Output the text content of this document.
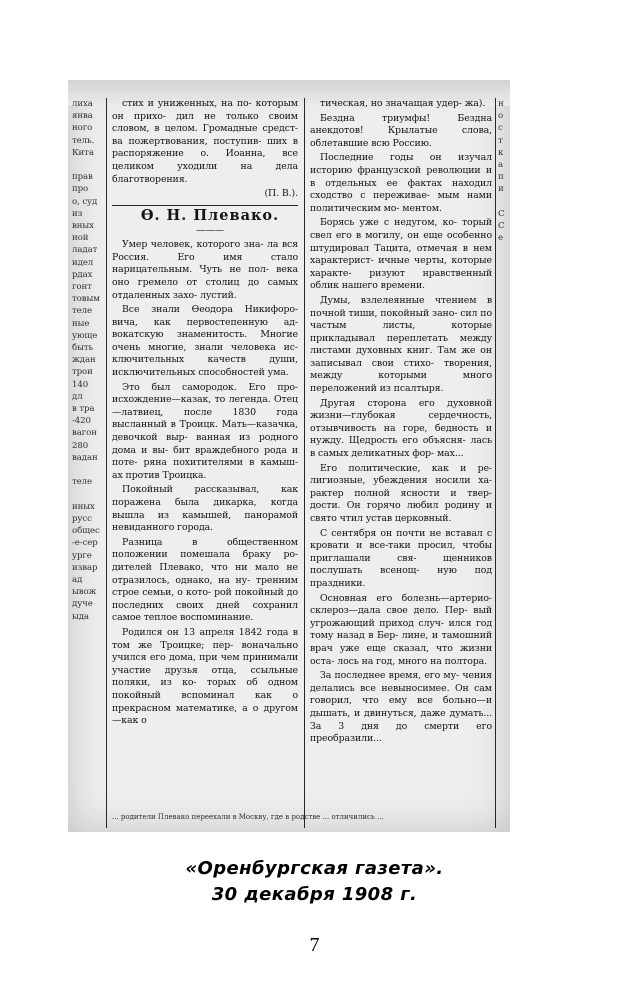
лиха
янва
ного
тель.
Кита

прав
про
о, суд
из
вных
ной
ладат
идел
рдах
гонт
товым
теле
ные
ующе
быть
ждан
трои
140
дл
в тра
-420
вагон
280
вадан

теле

иных
русс
общес
-е-сер
урге
извар
ад
ывож
дуче
ыда

стих и униженных, на по- которым он прихо- дил не только своим словом, в целом. Громадные средст- ва пожертвования, поступив- ших в распоряжение о. Иоанна, все целиком уходили на дела благотворения.

(П. В.).

Ѳ. Н. Плевако.

———

Умер человек, которого зна- ла вся Россия. Его имя стало нарицательным. Чуть не пол- века оно гремело от столиц до самых отдаленных захо- лустий.

Все знали Ѳеодора Никифоро- вича, как первостепенную ад- вокатскую знаменитость. Многие очень многие, знали человека ис- ключительных качеств души, исключительных способностей ума.

Это был самородок. Его про- исхождение—казак, то легенда. Отец—латвиец, после 1830 года высланный в Троицк. Мать—казачка, девочкой выр- ванная из родного дома и вы- бит враждебного рода и поте- ряна похитителями в камыш- ах против Троицка.

Покойный рассказывал, как поражена была дикарка, когда вышла из камышей, панорамой невиданного города.

Разница в общественном положении помешала браку ро- дителей Плевако, что ни мало не отразилось, однако, на ну- тренним строе семьи, о кото- рой покойный до последних своих дней сохранил самое теплое воспоминание.

Родился он 13 апреля 1842 года в том же Троицке; пер- воначально учился его дома, при чем принимали участие друзья отца, ссыльные поляки, из ко- торых об одном покойный вспоминал как о прекрасном математике, а о другом—как о

тическая, но значащая удер- жа).

Бездна триумфы! Бездна анекдотов! Крылатые слова, облетавшие всю Россию.

Последние годы он изучал историю французской революции и в отдельных ее фактах находил сходство с переживае- мым нами политическим мо- ментом.

Борясь уже с недугом, ко- торый свел его в могилу, он еще особенно штудировал Тацита, отмечая в нем характерист- ичные черты, которые характе- ризуют нравственный облик нашего времени.

Думы, взлелеянные чтением в почной тиши, покойный зано- сил по частым листы, которые прикладывал переплетать между листами духовных книг. Там же он записывал свои стихо- творения, между которыми много переложений из псалтыря.

Другая сторона его духовной жизни—глубокая сердечность, отзывчивость на горе, бедность и нужду. Щедрость его объясня- лась в самых деликатных фор- мах...

Его политические, как и ре- лигиозные, убеждения носили ха- рактер полной ясности и твер- дости. Он горячо любил родину и свято чтил устав церковный.

С сентября он почти не вставал с кровати и все-таки просил, чтобы приглашали свя- щенников послушать всенощ- ную под праздники.

Основная его болезнь—артерио- склероз—дала свое дело. Пер- вый угрожающий приход случ- ился год тому назад в Бер- лине, и тамошний врач уже еще сказал, что жизни оста- лось на год, много на полтора.

За последнее время, его му- чения делались все невыносимее. Он сам говорил, что ему все больно—и дышать, и двинуться, даже думать... За 3 дня до смерти его преобразили...

н
о
с
т
к
а
п
и

С
С
е
... родители Плевако переехали в Москву, где в родстве ... отличились ...
«Оренбургская газета».
30 декабря 1908 г.
7
